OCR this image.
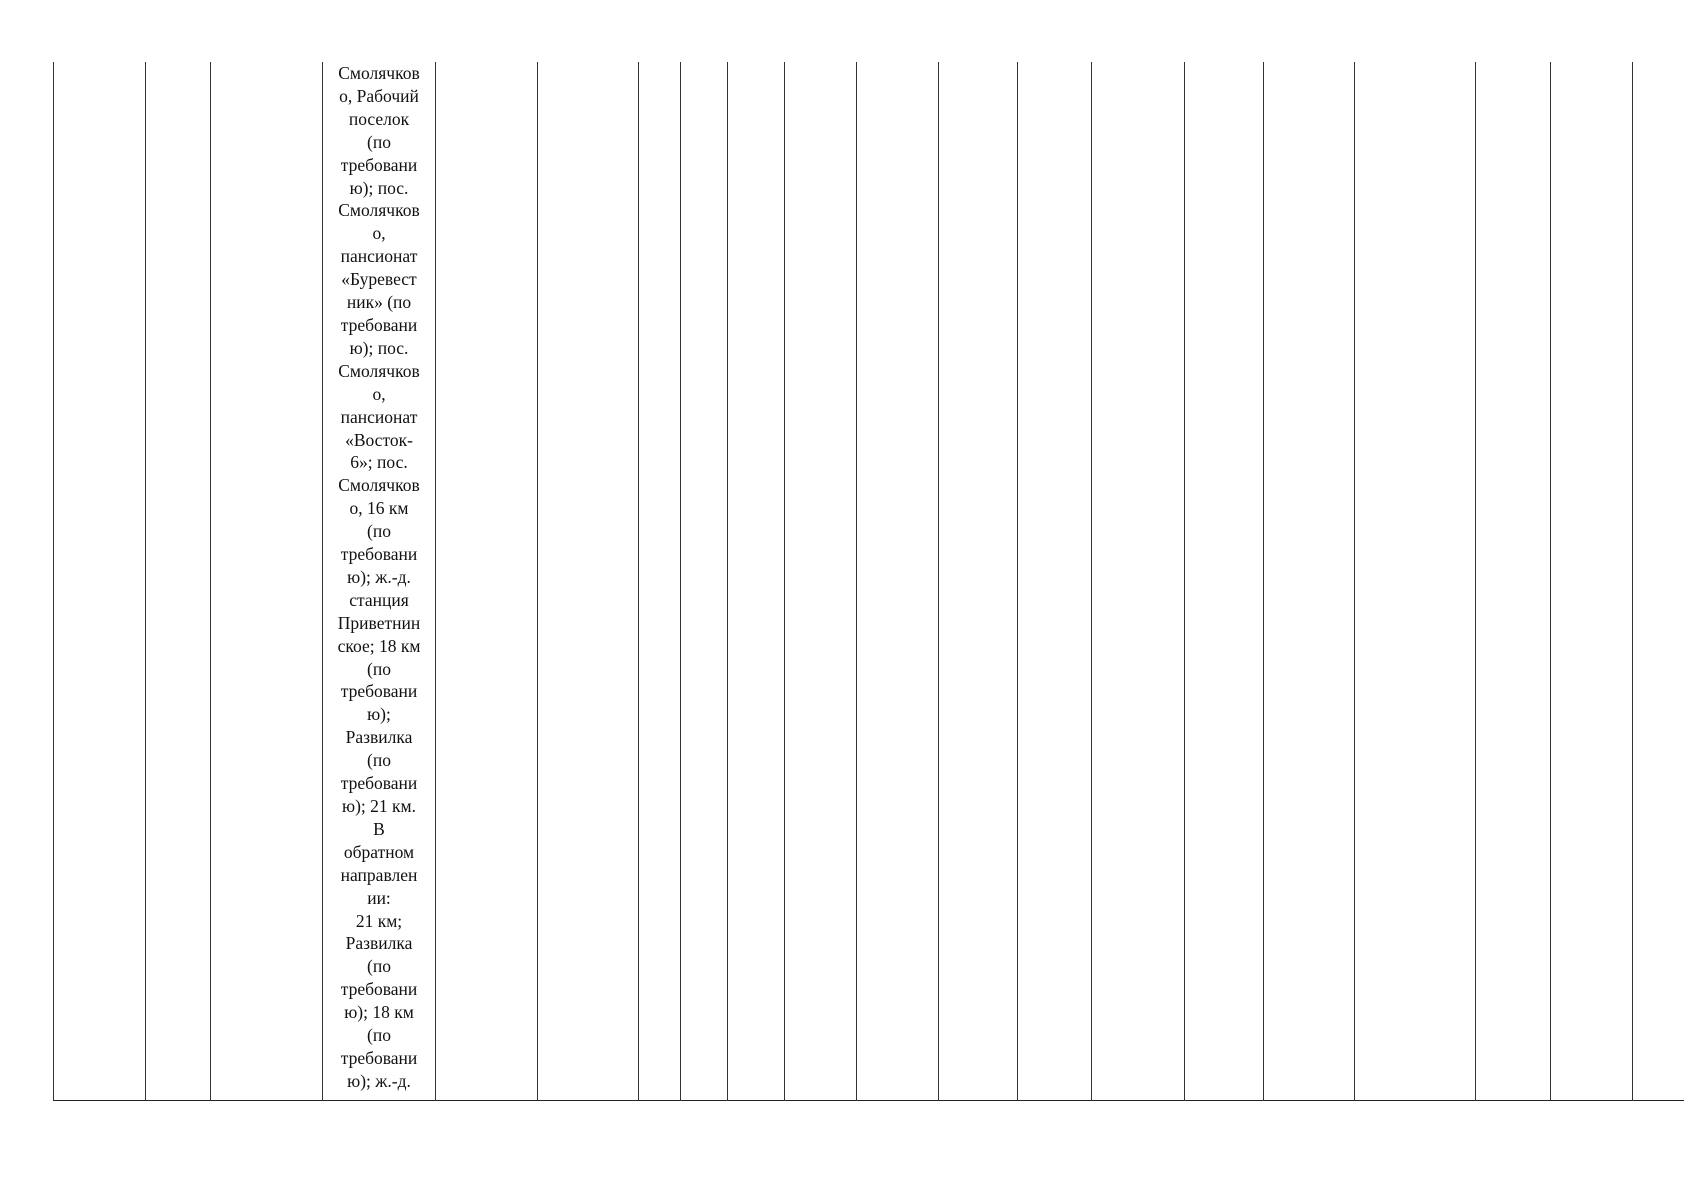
Смолячков
о, Рабочий
поселок
(по
требовани
ю); пос.
Смолячков
о,
пансионат
«Буревест
ник» (по
требовани
ю); пос.
Смолячков
о,
пансионат
«Восток-
6»; пос.
Смолячков
о, 16 км
(по
требовани
ю); ж.-д.
станция
Приветнин
ское; 18 км
(по
требовани
ю);
Развилка
(по
требовани
ю); 21 км.
В
обратном
направлен
ии:
21 км;
Развилка
(по
требовани
ю); 18 км
(по
требовани
ю); ж.-д.
